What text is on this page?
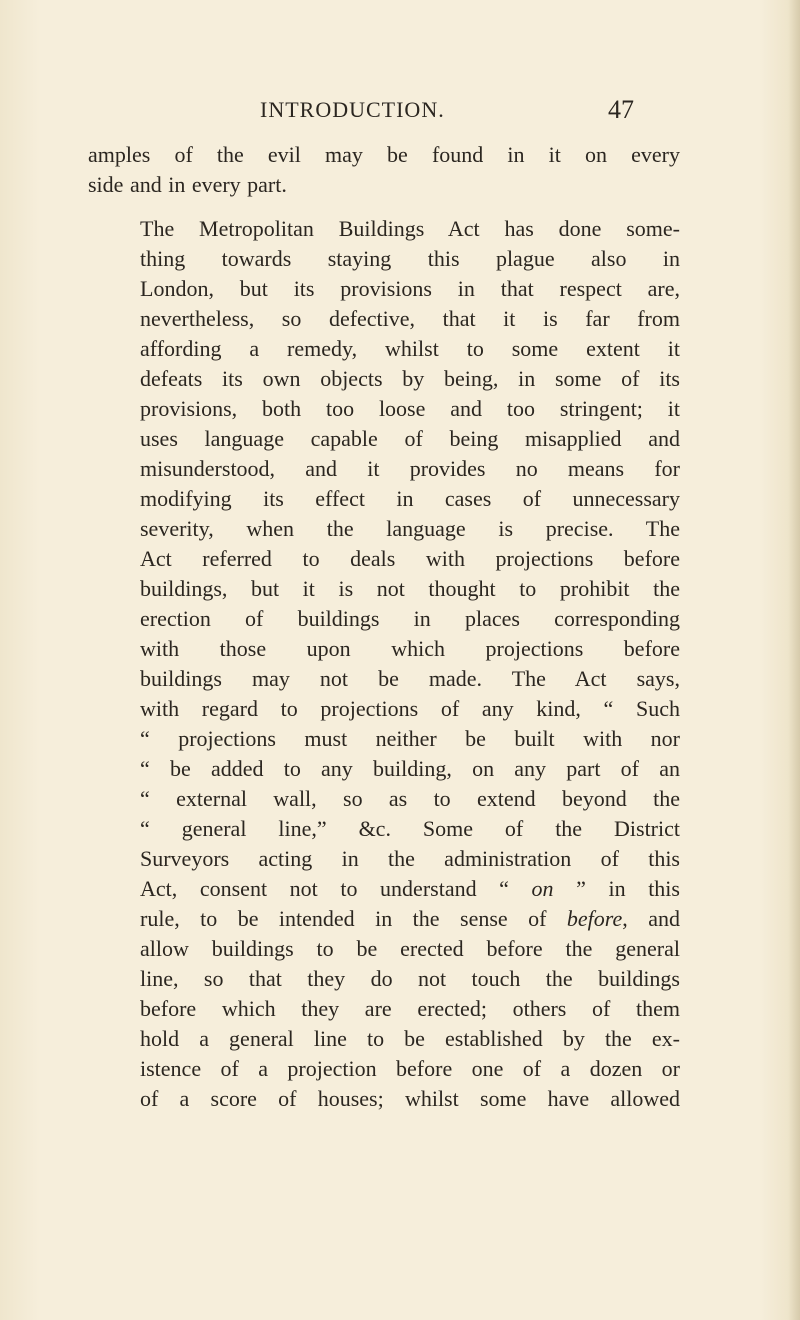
INTRODUCTION.	47
amples of the evil may be found in it on every
side and in every part.
The Metropolitan Buildings Act has done some-
thing towards staying this plague also in
London, but its provisions in that respect are,
nevertheless, so defective, that it is far from
affording a remedy, whilst to some extent it
defeats its own objects by being, in some of its
provisions, both too loose and too stringent; it
uses language capable of being misapplied and
misunderstood, and it provides no means for
modifying its effect in cases of unnecessary
severity, when the language is precise. The
Act referred to deals with projections before
buildings, but it is not thought to prohibit the
erection of buildings in places corresponding
with those upon which projections before
buildings may not be made. The Act says,
with regard to projections of any kind, “ Such
“ projections must neither be built with nor
“ be added to any building, on any part of an
“ external wall, so as to extend beyond the
“ general line,” &c. Some of the District
Surveyors acting in the administration of this
Act, consent not to understand “ on ” in this
rule, to be intended in the sense of before, and
allow buildings to be erected before the general
line, so that they do not touch the buildings
before which they are erected; others of them
hold a general line to be established by the ex-
istence of a projection before one of a dozen or
of a score of houses; whilst some have allowed
